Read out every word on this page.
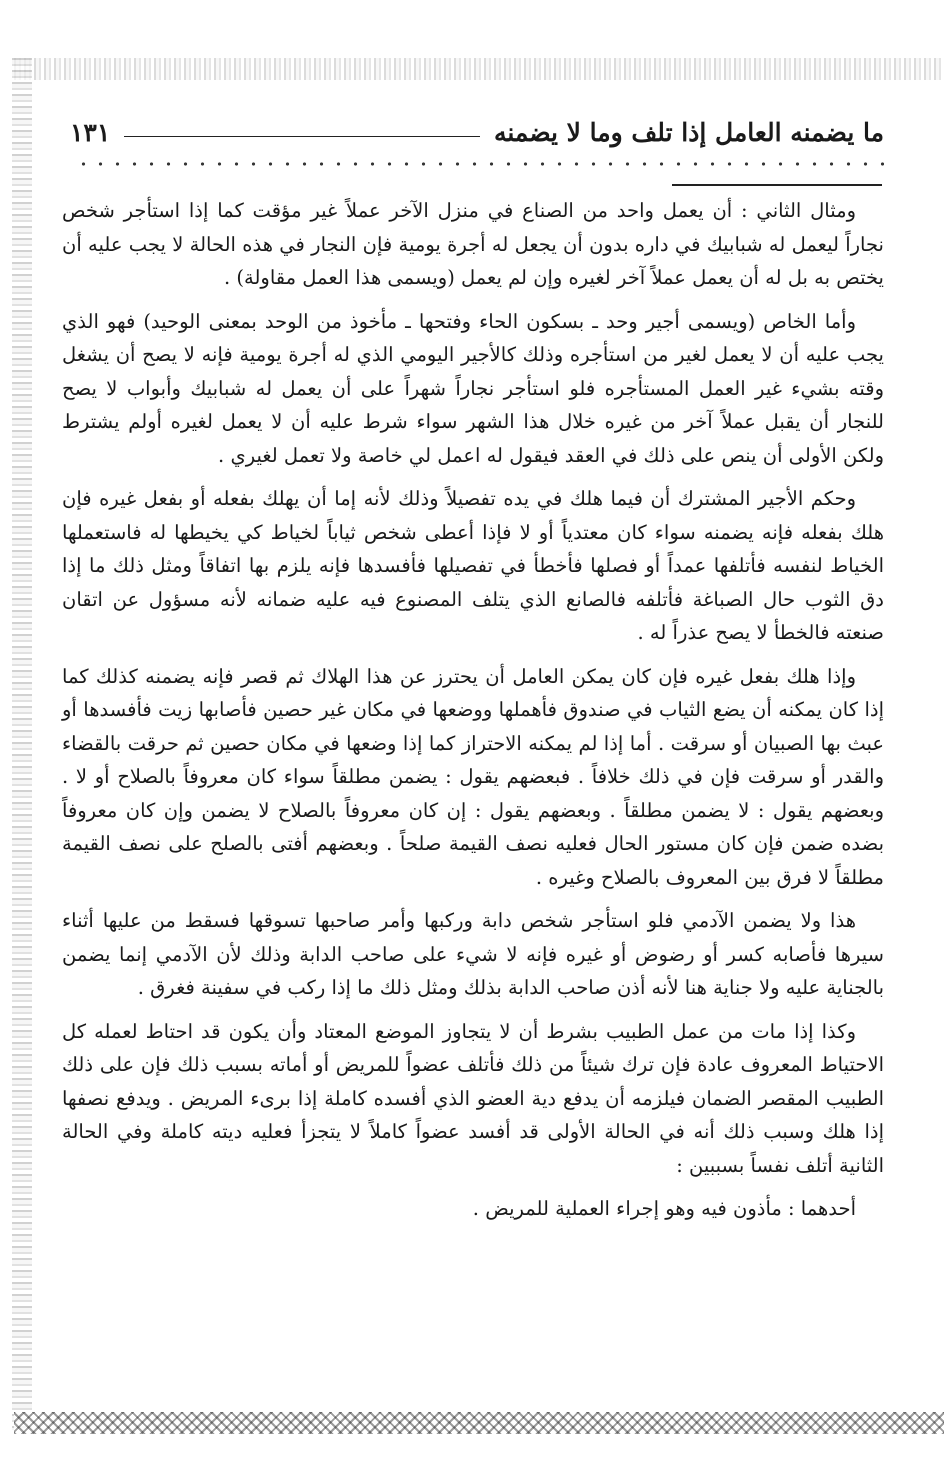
ما يضمنه العامل إذا تلف وما لا يضمنه
١٣١

ومثال الثاني : أن يعمل واحد من الصناع في منزل الآخر عملاً غير مؤقت كما إذا استأجر شخص نجاراً ليعمل له شبابيك في داره بدون أن يجعل له أجرة يومية فإن النجار في هذه الحالة لا يجب عليه أن يختص به بل له أن يعمل عملاً آخر لغيره وإن لم يعمل (ويسمى هذا العمل مقاولة) .

وأما الخاص (ويسمى أجير وحد ـ بسكون الحاء وفتحها ـ مأخوذ من الوحد بمعنى الوحيد) فهو الذي يجب عليه أن لا يعمل لغير من استأجره وذلك كالأجير اليومي الذي له أجرة يومية فإنه لا يصح أن يشغل وقته بشيء غير العمل المستأجره فلو استأجر نجاراً شهراً على أن يعمل له شبابيك وأبواب لا يصح للنجار أن يقبل عملاً آخر من غيره خلال هذا الشهر سواء شرط عليه أن لا يعمل لغيره أولم يشترط ولكن الأولى أن ينص على ذلك في العقد فيقول له اعمل لي خاصة ولا تعمل لغيري .

وحكم الأجير المشترك أن فيما هلك في يده تفصيلاً وذلك لأنه إما أن يهلك بفعله أو بفعل غيره فإن هلك بفعله فإنه يضمنه سواء كان معتدياً أو لا فإذا أعطى شخص ثياباً لخياط كي يخيطها له فاستعملها الخياط لنفسه فأتلفها عمداً أو فصلها فأخطأ في تفصيلها فأفسدها فإنه يلزم بها اتفاقاً ومثل ذلك ما إذا دق الثوب حال الصباغة فأتلفه فالصانع الذي يتلف المصنوع فيه عليه ضمانه لأنه مسؤول عن اتقان صنعته فالخطأ لا يصح عذراً له .

وإذا هلك بفعل غيره فإن كان يمكن العامل أن يحترز عن هذا الهلاك ثم قصر فإنه يضمنه كذلك كما إذا كان يمكنه أن يضع الثياب في صندوق فأهملها ووضعها في مكان غير حصين فأصابها زيت فأفسدها أو عبث بها الصبيان أو سرقت . أما إذا لم يمكنه الاحتراز كما إذا وضعها في مكان حصين ثم حرقت بالقضاء والقدر أو سرقت فإن في ذلك خلافاً . فبعضهم يقول : يضمن مطلقاً سواء كان معروفاً بالصلاح أو لا . وبعضهم يقول : لا يضمن مطلقاً . وبعضهم يقول : إن كان معروفاً بالصلاح لا يضمن وإن كان معروفاً بضده ضمن فإن كان مستور الحال فعليه نصف القيمة صلحاً . وبعضهم أفتى بالصلح على نصف القيمة مطلقاً لا فرق بين المعروف بالصلاح وغيره .

هذا ولا يضمن الآدمي فلو استأجر شخص دابة وركبها وأمر صاحبها تسوقها فسقط من عليها أثناء سيرها فأصابه كسر أو رضوض أو غيره فإنه لا شيء على صاحب الدابة وذلك لأن الآدمي إنما يضمن بالجناية عليه ولا جناية هنا لأنه أذن صاحب الدابة بذلك ومثل ذلك ما إذا ركب في سفينة فغرق .

وكذا إذا مات من عمل الطبيب بشرط أن لا يتجاوز الموضع المعتاد وأن يكون قد احتاط لعمله كل الاحتياط المعروف عادة فإن ترك شيئاً من ذلك فأتلف عضواً للمريض أو أماته بسبب ذلك فإن على ذلك الطبيب المقصر الضمان فيلزمه أن يدفع دية العضو الذي أفسده كاملة إذا برىء المريض . ويدفع نصفها إذا هلك وسبب ذلك أنه في الحالة الأولى قد أفسد عضواً كاملاً لا يتجزأ فعليه ديته كاملة وفي الحالة الثانية أتلف نفساً بسببين :

أحدهما : مأذون فيه وهو إجراء العملية للمريض .
